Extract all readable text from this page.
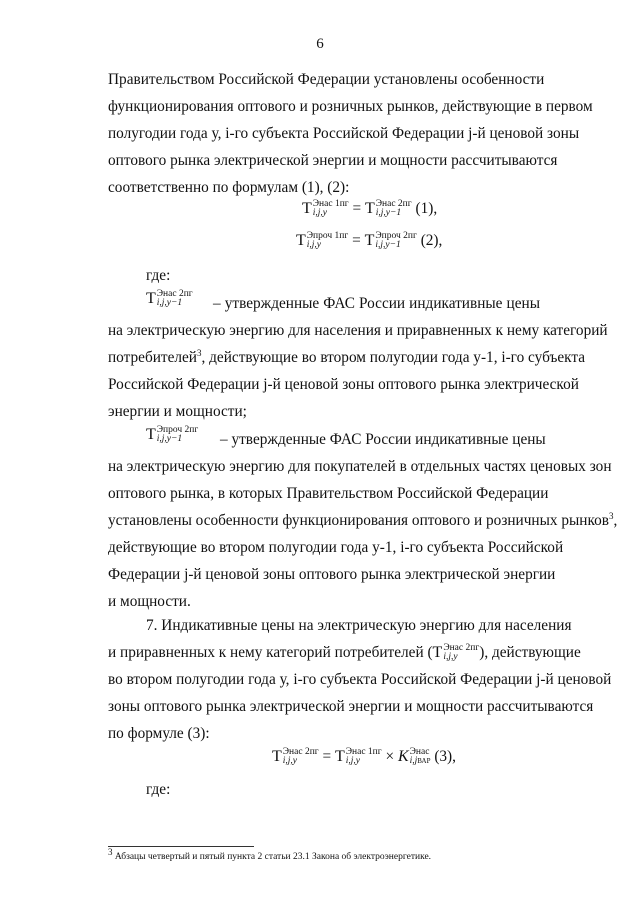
6
Правительством Российской Федерации установлены особенности
функционирования оптового и розничных рынков, действующие в первом
полугодии года у, i-го субъекта Российской Федерации j-й ценовой зоны
оптового рынка электрической энергии и мощности рассчитываются
соответственно по формулам (1), (2):
T Энас 1пг
i,j,y	= T Энас 2пг
i,j,y−1 (1),
T Эпроч 1пг
i,j,y	= T Эпроч 2пг
i,j,y−1	(2),
где:
T Энас 2пг
i,j,y−1	– утвержденные ФАС России индикативные цены
на электрическую энергию для населения и приравненных к нему категорий
потребителей$^3$, действующие во втором полугодии года у-1, i-го субъекта
Российской Федерации j-й ценовой зоны оптового рынка электрической
энергии и мощности;
T Эпроч 2пг
i,j,y−1	– утвержденные ФАС России индикативные цены
на электрическую энергию для покупателей в отдельных частях ценовых зон
оптового рынка, в которых Правительством Российской Федерации
установлены особенности функционирования оптового и розничных рынков$^3$,
действующие во втором полугодии года у-1, i-го субъекта Российской
Федерации j-й ценовой зоны оптового рынка электрической энергии
и мощности.
7. Индикативные цены на электрическую энергию для населения
и приравненных к нему категорий потребителей (T Энас 2пг
i,j,y	), действующие
во втором полугодии года у, i-го субъекта Российской Федерации j-й ценовой
зоны оптового рынка электрической энергии и мощности рассчитываются
по формуле (3):
T Энас 2пг
i,j,y	= T Энас 1пг
i,j,y	× K Энас
i,jВАР (3),
где:
$^3$ Абзацы четвертый и пятый пункта 2 статьи 23.1 Закона об электроэнергетике.
